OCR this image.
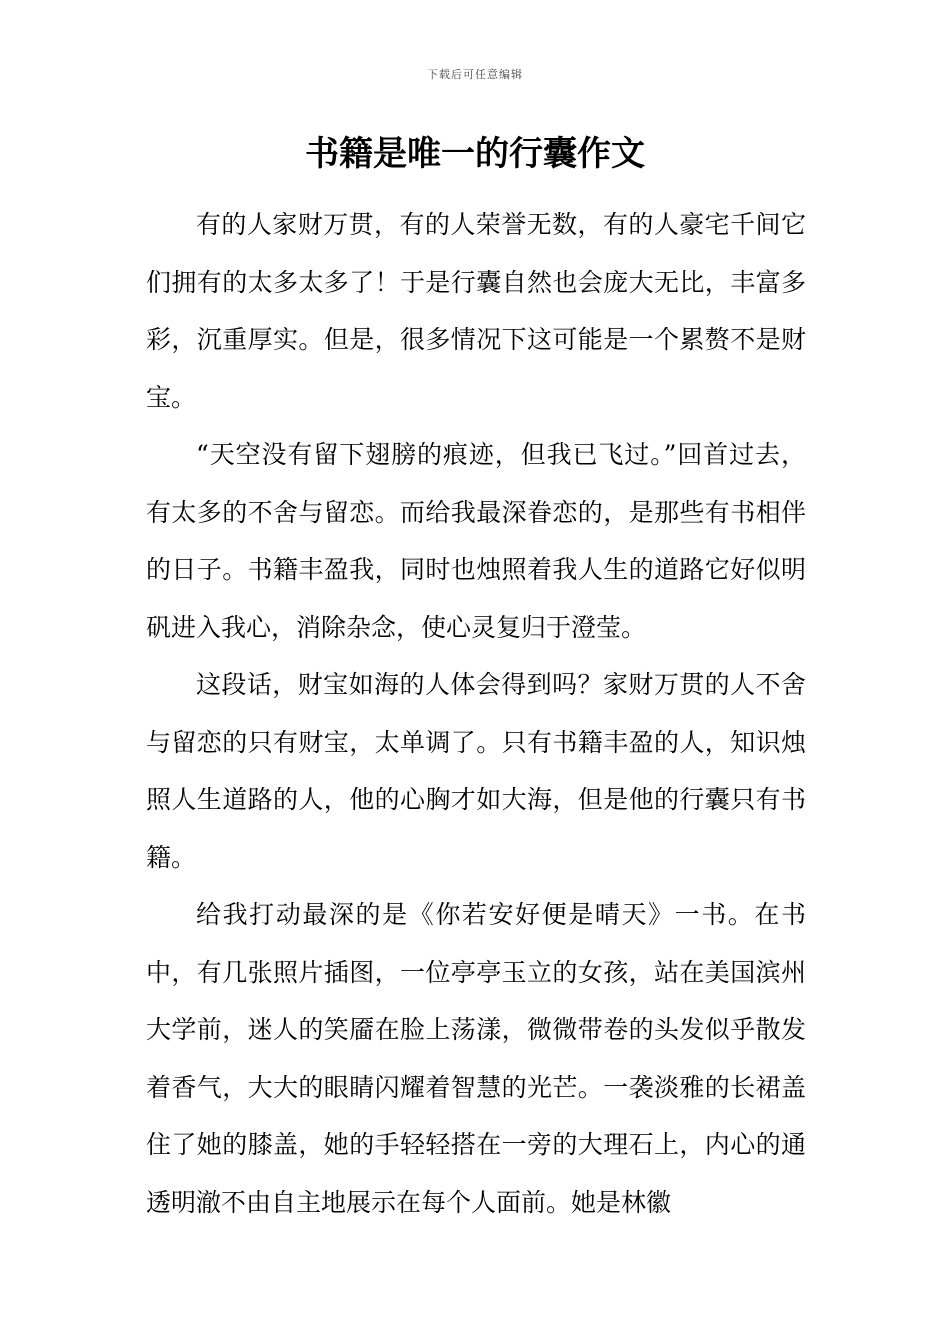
下载后可任意编辑
书籍是唯一的行囊作文

有的人家财万贯，有的人荣誉无数，有的人豪宅千间它们拥有的太多太多了！于是行囊自然也会庞大无比，丰富多彩，沉重厚实。但是，很多情况下这可能是一个累赘不是财宝。

“天空没有留下翅膀的痕迹，但我已飞过。”回首过去，有太多的不舍与留恋。而给我最深眷恋的，是那些有书相伴的日子。书籍丰盈我，同时也烛照着我人生的道路它好似明矾进入我心，消除杂念，使心灵复归于澄莹。

这段话，财宝如海的人体会得到吗？家财万贯的人不舍与留恋的只有财宝，太单调了。只有书籍丰盈的人，知识烛照人生道路的人，他的心胸才如大海，但是他的行囊只有书籍。

给我打动最深的是《你若安好便是晴天》一书。在书中，有几张照片插图，一位亭亭玉立的女孩，站在美国滨州大学前，迷人的笑靥在脸上荡漾，微微带卷的头发似乎散发着香气，大大的眼睛闪耀着智慧的光芒。一袭淡雅的长裙盖住了她的膝盖，她的手轻轻搭在一旁的大理石上，内心的通透明澈不由自主地展示在每个人面前。她是林徽
